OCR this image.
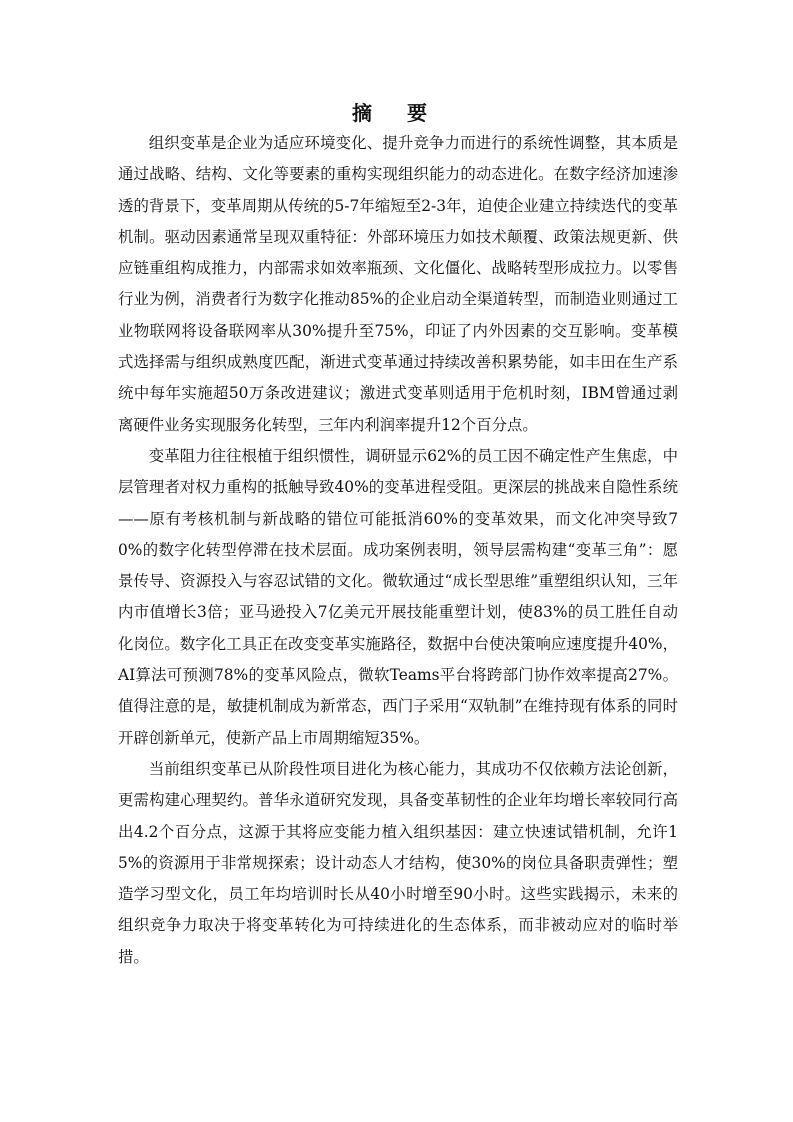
摘 要

组织变革是企业为适应环境变化、提升竞争力而进行的系统性调整，其本质是通过战略、结构、文化等要素的重构实现组织能力的动态进化。在数字经济加速渗透的背景下，变革周期从传统的5-7年缩短至2-3年，迫使企业建立持续迭代的变革机制。驱动因素通常呈现双重特征：外部环境压力如技术颠覆、政策法规更新、供应链重组构成推力，内部需求如效率瓶颈、文化僵化、战略转型形成拉力。以零售行业为例，消费者行为数字化推动85%的企业启动全渠道转型，而制造业则通过工业物联网将设备联网率从30%提升至75%，印证了内外因素的交互影响。变革模式选择需与组织成熟度匹配，渐进式变革通过持续改善积累势能，如丰田在生产系统中每年实施超50万条改进建议；激进式变革则适用于危机时刻，IBM曾通过剥离硬件业务实现服务化转型，三年内利润率提升12个百分点。

变革阻力往往根植于组织惯性，调研显示62%的员工因不确定性产生焦虑，中层管理者对权力重构的抵触导致40%的变革进程受阻。更深层的挑战来自隐性系统——原有考核机制与新战略的错位可能抵消60%的变革效果，而文化冲突导致70%的数字化转型停滞在技术层面。成功案例表明，领导层需构建“变革三角”：愿景传导、资源投入与容忍试错的文化。微软通过“成长型思维”重塑组织认知，三年内市值增长3倍；亚马逊投入7亿美元开展技能重塑计划，使83%的员工胜任自动化岗位。数字化工具正在改变变革实施路径，数据中台使决策响应速度提升40%，AI算法可预测78%的变革风险点，微软Teams平台将跨部门协作效率提高27%。值得注意的是，敏捷机制成为新常态，西门子采用“双轨制”在维持现有体系的同时开辟创新单元，使新产品上市周期缩短35%。

当前组织变革已从阶段性项目进化为核心能力，其成功不仅依赖方法论创新，更需构建心理契约。普华永道研究发现，具备变革韧性的企业年均增长率较同行高出4.2个百分点，这源于其将应变能力植入组织基因：建立快速试错机制，允许15%的资源用于非常规探索；设计动态人才结构，使30%的岗位具备职责弹性；塑造学习型文化，员工年均培训时长从40小时增至90小时。这些实践揭示，未来的组织竞争力取决于将变革转化为可持续进化的生态体系，而非被动应对的临时举措。
